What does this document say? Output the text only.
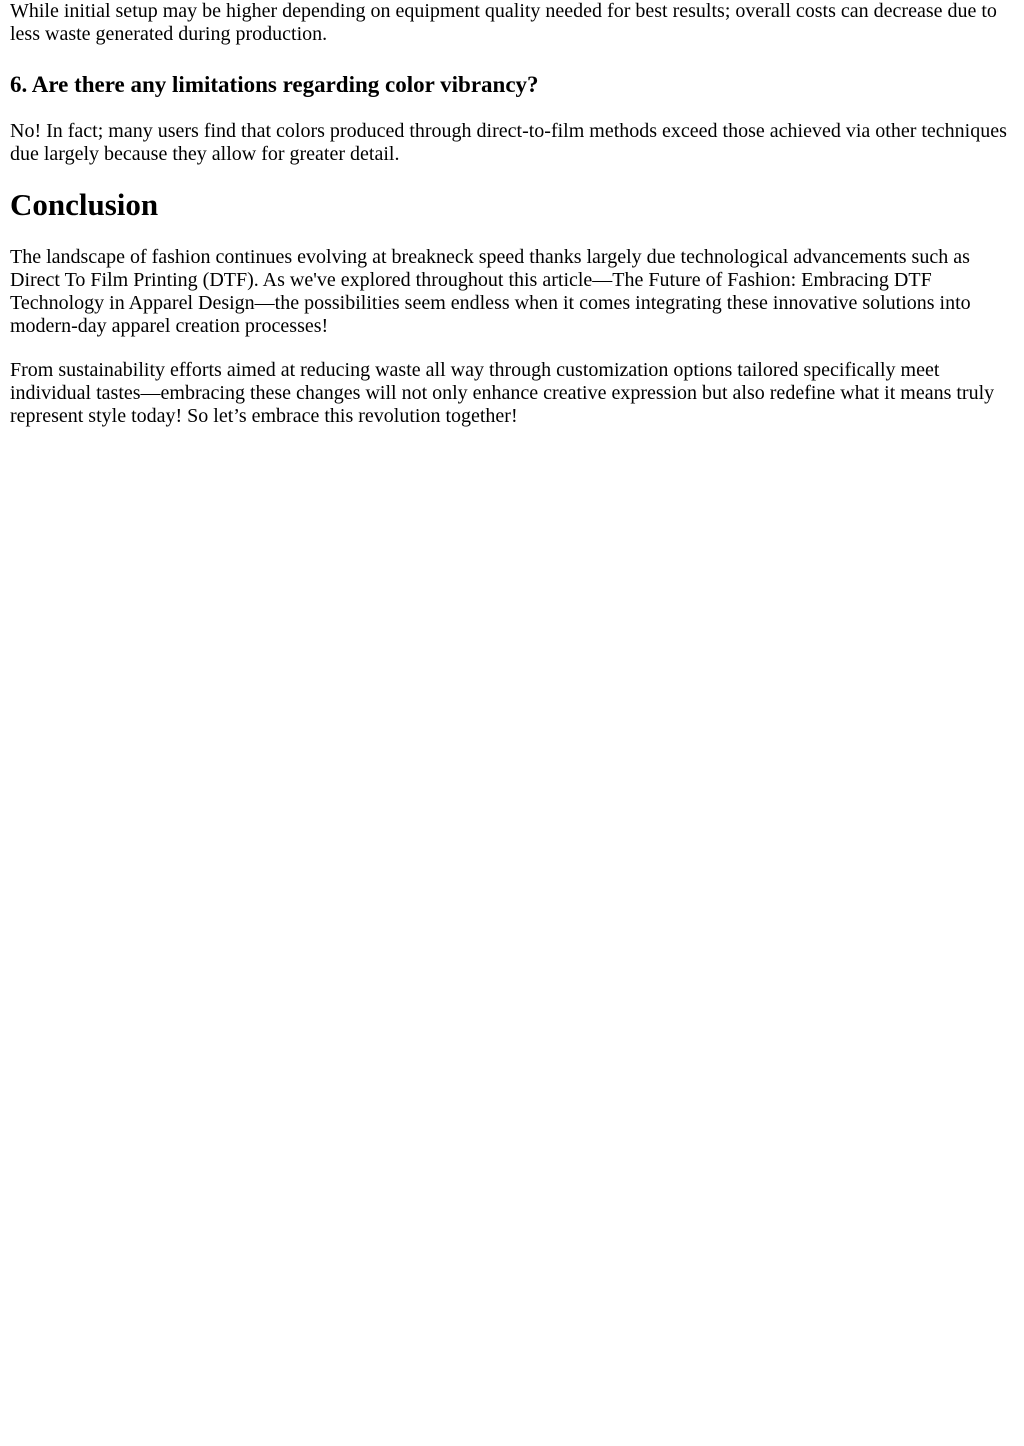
While initial setup may be higher depending on equipment quality needed for best results; overall costs can decrease due to less waste generated during production.

6. Are there any limitations regarding color vibrancy?

No! In fact; many users find that colors produced through direct-to-film methods exceed those achieved via other techniques due largely because they allow for greater detail.

Conclusion

The landscape of fashion continues evolving at breakneck speed thanks largely due technological advancements such as Direct To Film Printing (DTF). As we've explored throughout this article—The Future of Fashion: Embracing DTF Technology in Apparel Design—the possibilities seem endless when it comes integrating these innovative solutions into modern-day apparel creation processes!

From sustainability efforts aimed at reducing waste all way through customization options tailored specifically meet individual tastes—embracing these changes will not only enhance creative expression but also redefine what it means truly represent style today! So let’s embrace this revolution together!
